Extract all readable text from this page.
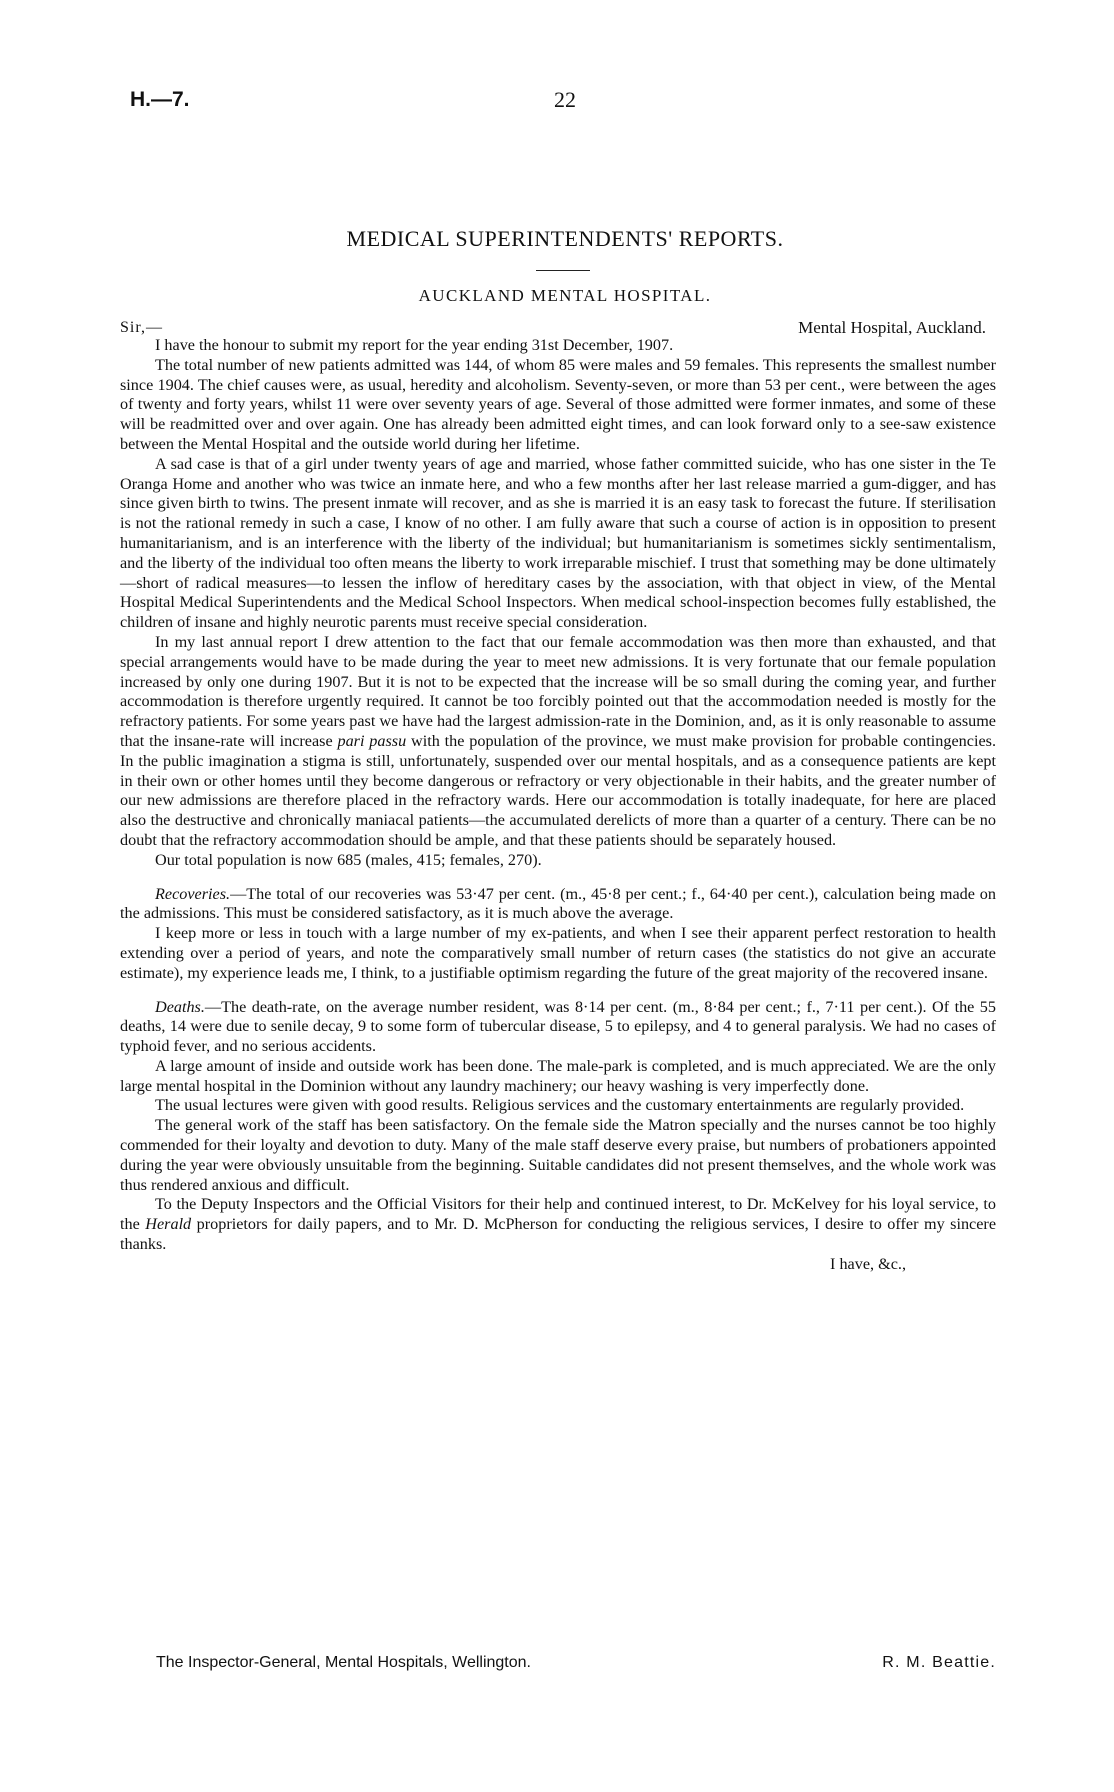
H.—7.	22
MEDICAL SUPERINTENDENTS' REPORTS.
AUCKLAND MENTAL HOSPITAL.
Sir,—	Mental Hospital, Auckland.

I have the honour to submit my report for the year ending 31st December, 1907.

The total number of new patients admitted was 144, of whom 85 were males and 59 females. This represents the smallest number since 1904. The chief causes were, as usual, heredity and alcoholism. Seventy-seven, or more than 53 per cent., were between the ages of twenty and forty years, whilst 11 were over seventy years of age. Several of those admitted were former inmates, and some of these will be readmitted over and over again. One has already been admitted eight times, and can look forward only to a see-saw existence between the Mental Hospital and the outside world during her lifetime.

A sad case is that of a girl under twenty years of age and married, whose father committed suicide, who has one sister in the Te Oranga Home and another who was twice an inmate here, and who a few months after her last release married a gum-digger, and has since given birth to twins. The present inmate will recover, and as she is married it is an easy task to forecast the future. If sterilisation is not the rational remedy in such a case, I know of no other. I am fully aware that such a course of action is in opposition to present humanitarianism, and is an interference with the liberty of the individual; but humanitarianism is sometimes sickly sentimentalism, and the liberty of the individual too often means the liberty to work irreparable mischief. I trust that something may be done ultimately—short of radical measures—to lessen the inflow of hereditary cases by the association, with that object in view, of the Mental Hospital Medical Superintendents and the Medical School Inspectors. When medical school-inspection becomes fully established, the children of insane and highly neurotic parents must receive special consideration.

In my last annual report I drew attention to the fact that our female accommodation was then more than exhausted, and that special arrangements would have to be made during the year to meet new admissions. It is very fortunate that our female population increased by only one during 1907. But it is not to be expected that the increase will be so small during the coming year, and further accommodation is therefore urgently required. It cannot be too forcibly pointed out that the accommodation needed is mostly for the refractory patients. For some years past we have had the largest admission-rate in the Dominion, and, as it is only reasonable to assume that the insane-rate will increase pari passu with the population of the province, we must make provision for probable contingencies. In the public imagination a stigma is still, unfortunately, suspended over our mental hospitals, and as a consequence patients are kept in their own or other homes until they become dangerous or refractory or very objectionable in their habits, and the greater number of our new admissions are therefore placed in the refractory wards. Here our accommodation is totally inadequate, for here are placed also the destructive and chronically maniacal patients—the accumulated derelicts of more than a quarter of a century. There can be no doubt that the refractory accommodation should be ample, and that these patients should be separately housed.

Our total population is now 685 (males, 415; females, 270).

Recoveries.—The total of our recoveries was 53·47 per cent. (m., 45·8 per cent.; f., 64·40 per cent.), calculation being made on the admissions. This must be considered satisfactory, as it is much above the average.

I keep more or less in touch with a large number of my ex-patients, and when I see their apparent perfect restoration to health extending over a period of years, and note the comparatively small number of return cases (the statistics do not give an accurate estimate), my experience leads me, I think, to a justifiable optimism regarding the future of the great majority of the recovered insane.

Deaths.—The death-rate, on the average number resident, was 8·14 per cent. (m., 8·84 per cent.; f., 7·11 per cent.). Of the 55 deaths, 14 were due to senile decay, 9 to some form of tubercular disease, 5 to epilepsy, and 4 to general paralysis. We had no cases of typhoid fever, and no serious accidents.

A large amount of inside and outside work has been done. The male-park is completed, and is much appreciated. We are the only large mental hospital in the Dominion without any laundry machinery; our heavy washing is very imperfectly done.

The usual lectures were given with good results. Religious services and the customary entertainments are regularly provided.

The general work of the staff has been satisfactory. On the female side the Matron specially and the nurses cannot be too highly commended for their loyalty and devotion to duty. Many of the male staff deserve every praise, but numbers of probationers appointed during the year were obviously unsuitable from the beginning. Suitable candidates did not present themselves, and the whole work was thus rendered anxious and difficult.

To the Deputy Inspectors and the Official Visitors for their help and continued interest, to Dr. McKelvey for his loyal service, to the Herald proprietors for daily papers, and to Mr. D. McPherson for conducting the religious services, I desire to offer my sincere thanks.

I have, &c.,

The Inspector-General, Mental Hospitals, Wellington.	R. M. Beattie.
